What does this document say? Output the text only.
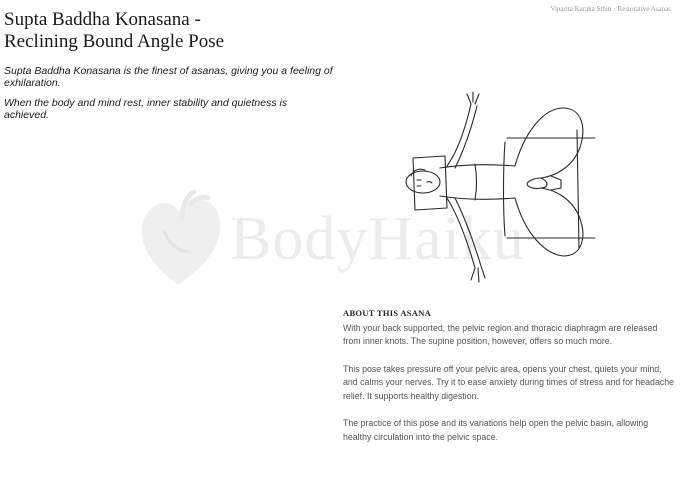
Viparita Karaka Sthiti · Restorative Asanas
Supta Baddha Konasana -
Reclining Bound Angle Pose

Supta Baddha Konasana is the finest of asanas, giving you a feeling of exhilaration.

When the body and mind rest, inner stability and quietness is achieved.

BodyHaiku
ABOUT THIS ASANA

With your back supported, the pelvic region and thoracic diaphragm are released from inner knots. The supine position, however, offers so much more.

This pose takes pressure off your pelvic area, opens your chest, quiets your mind, and calms your nerves. Try it to ease anxiety during times of stress and for headache relief. It supports healthy digestion.

The practice of this pose and its variations help open the pelvic basin, allowing healthy circulation into the pelvic space.
